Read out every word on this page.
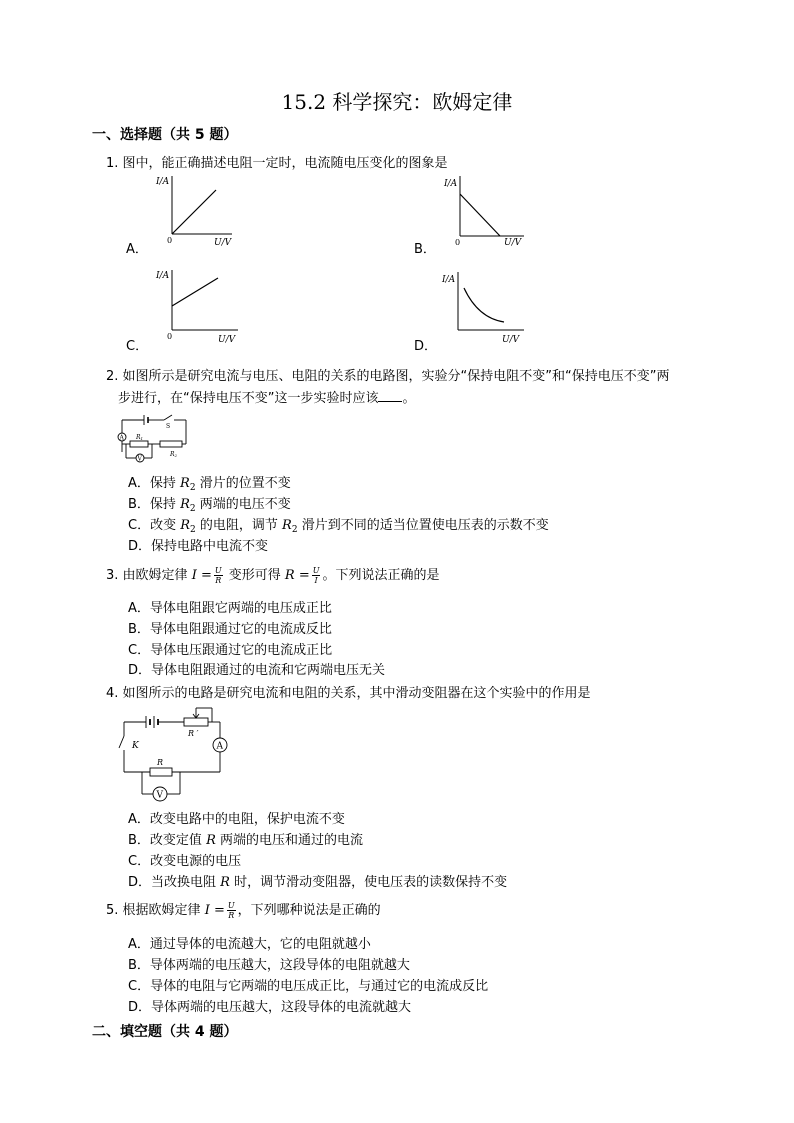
15.2 科学探究：欧姆定律
一、选择题（共 5 题）
1. 图中，能正确描述电阻一定时，电流随电压变化的图象是
A．
I/A
0	U/V	B．
I/A
0	U/V
C．
I/A
0	U/V	D．
I/A
U/V
2. 如图所示是研究电流与电压、电阻的关系的电路图，实验分“保持电阻不变”和“保持电压不变”两
步进行，在“保持电压不变”这一步实验时应该 。
S
A R1
R2
V
A．保持 $R_2$ 滑片的位置不变
B．保持 $R_2$ 两端的电压不变
C．改变 $R_2$ 的电阻，调节 $R_2$ 滑片到不同的适当位置使电压表的示数不变
D．保持电路中电流不变
3. 由欧姆定律 $I = \frac{U}{R}$ 变形可得 $R = \frac{U}{I}$ 。下列说法正确的是
A．导体电阻跟它两端的电压成正比
B．导体电阻跟通过它的电流成反比
C．导体电压跟通过它的电流成正比
D．导体电阻跟通过的电流和它两端电压无关
4. 如图所示的电路是研究电流和电阻的关系，其中滑动变阻器在这个实验中的作用是
R ′
A
K
R
V
A．改变电路中的电阻，保护电流不变
B．改变定值 R 两端的电压和通过的电流
C．改变电源的电压
D．当改换电阻 R 时，调节滑动变阻器，使电压表的读数保持不变
5. 根据欧姆定律 $I = \frac{U}{R}$ ，下列哪种说法是正确的
A．通过导体的电流越大，它的电阻就越小
B．导体两端的电压越大，这段导体的电阻就越大
C．导体的电阻与它两端的电压成正比，与通过它的电流成反比
D．导体两端的电压越大，这段导体的电流就越大
二、填空题（共 4 题）
